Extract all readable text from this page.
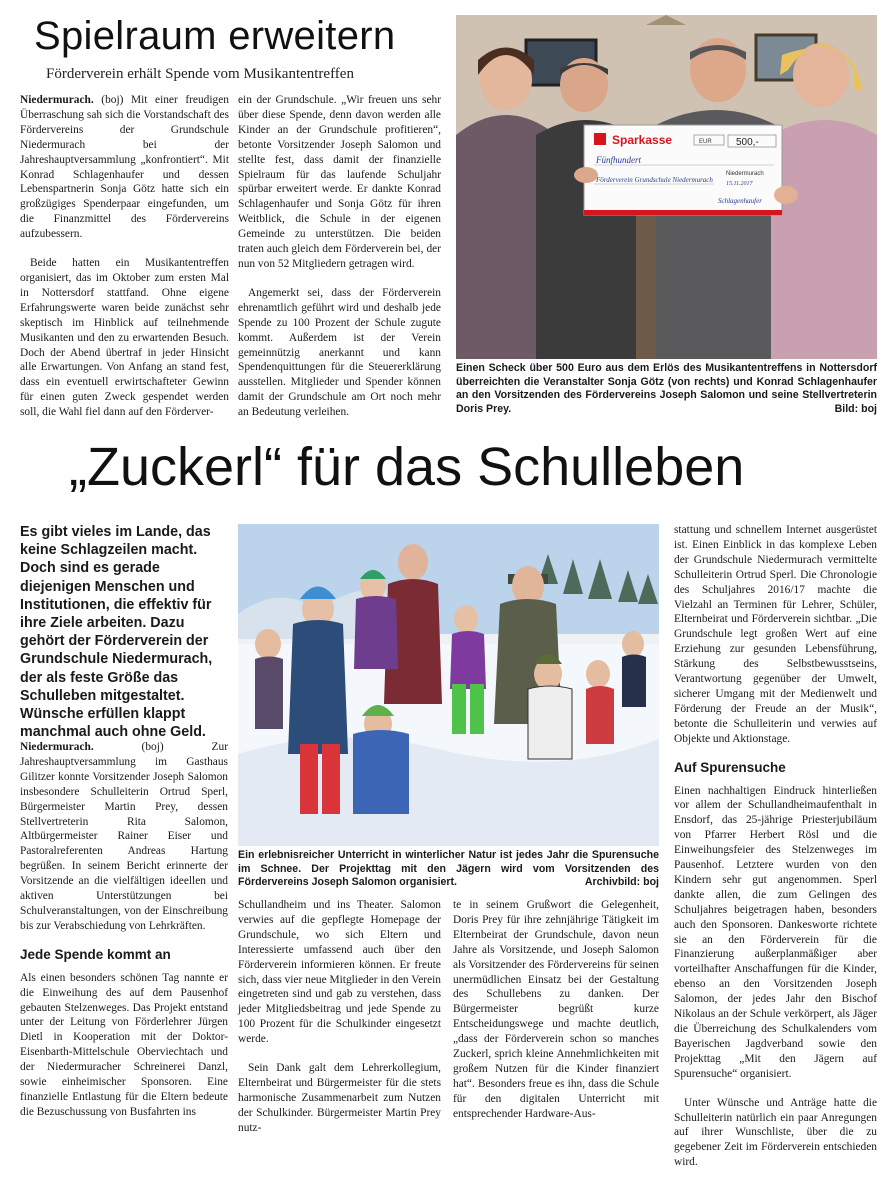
Spielraum erweitern
Förderverein erhält Spende vom Musikantentreffen

Niedermurach. (boj) Mit einer freudigen Überraschung sah sich die Vorstandschaft des Fördervereins der Grundschule Niedermurach bei der Jahreshauptversammlung „konfrontiert“. Mit Konrad Schlagenhaufer und dessen Lebenspartnerin Sonja Götz hatte sich ein großzügiges Spenderpaar eingefunden, um die Finanzmittel des Fördervereins aufzubessern.

Beide hatten ein Musikantentreffen organisiert, das im Oktober zum ersten Mal in Nottersdorf stattfand. Ohne eigene Erfahrungswerte waren beide zunächst sehr skeptisch im Hinblick auf teilnehmende Musikanten und den zu erwartenden Besuch. Doch der Abend übertraf in jeder Hinsicht alle Erwartungen. Von Anfang an stand fest, dass ein eventuell erwirtschafteter Gewinn für einen guten Zweck gespendet werden soll, die Wahl fiel dann auf den Förderver-

ein der Grundschule. „Wir freuen uns sehr über diese Spende, denn davon werden alle Kinder an der Grundschule profitieren“, betonte Vorsitzender Joseph Salomon und stellte fest, dass damit der finanzielle Spielraum für das laufende Schuljahr spürbar erweitert werde. Er dankte Konrad Schlagenhaufer und Sonja Götz für ihren Weitblick, die Schule in der eigenen Gemeinde zu unterstützen. Die beiden traten auch gleich dem Förderverein bei, der nun von 52 Mitgliedern getragen wird.

Angemerkt sei, dass der Förderverein ehrenamtlich geführt wird und deshalb jede Spende zu 100 Prozent der Schule zugute kommt. Außerdem ist der Verein gemeinnützig anerkannt und kann Spendenquittungen für die Steuererklärung ausstellen. Mitglieder und Spender können damit der Grundschule am Ort noch mehr an Bedeutung verleihen.

Sparkasse	EUR 500,-
Fünfhundert
Förderverein Grundschule Niedermurach
Niedermurach
15.11.2017
Schlagenhaufer
Einen Scheck über 500 Euro aus dem Erlös des Musikantentreffens in Nottersdorf überreichten die Veranstalter Sonja Götz (von rechts) und Konrad Schlagenhaufer an den Vorsitzenden des Fördervereins Joseph Salomon und seine Stellvertreterin Doris Prey.	Bild: boj
„Zuckerl“ für das Schulleben
Es gibt vieles im Lande, das keine Schlagzeilen macht. Doch sind es gerade diejenigen Menschen und Institutionen, die effektiv für ihre Ziele arbeiten. Dazu gehört der Förderverein der Grundschule Niedermurach, der als feste Größe das Schulleben mitgestaltet. Wünsche erfüllen klappt manchmal auch ohne Geld.

Niedermurach. (boj) Zur Jahreshauptversammlung im Gasthaus Gilitzer konnte Vorsitzender Joseph Salomon insbesondere Schulleiterin Ortrud Sperl, Bürgermeister Martin Prey, dessen Stellvertreterin Rita Salomon, Altbürgermeister Rainer Eiser und Pastoralreferenten Andreas Hartung begrüßen. In seinem Bericht erinnerte der Vorsitzende an die vielfältigen ideellen und aktiven Unterstützungen bei Schulveranstaltungen, von der Einschreibung bis zur Verabschiedung von Lehrkräften.

Jede Spende kommt an

Als einen besonders schönen Tag nannte er die Einweihung des auf dem Pausenhof gebauten Stelzenweges. Das Projekt entstand unter der Leitung von Förderlehrer Jürgen Dietl in Kooperation mit der Doktor-Eisenbarth-Mittelschule Oberviechtach und der Niedermuracher Schreinerei Danzl, sowie einheimischer Sponsoren. Eine finanzielle Entlastung für die Eltern bedeute die Bezuschussung von Busfahrten ins

Ein erlebnisreicher Unterricht in winterlicher Natur ist jedes Jahr die Spurensuche im Schnee. Der Projekttag mit den Jägern wird vom Vorsitzenden des Fördervereins Joseph Salomon organisiert.	Archivbild: boj

Schullandheim und ins Theater. Salomon verwies auf die gepflegte Homepage der Grundschule, wo sich Eltern und Interessierte umfassend auch über den Förderverein informieren können. Er freute sich, dass vier neue Mitglieder in den Verein eingetreten sind und gab zu verstehen, dass jeder Mitgliedsbeitrag und jede Spende zu 100 Prozent für die Schulkinder eingesetzt werde.

Sein Dank galt dem Lehrerkollegium, Elternbeirat und Bürgermeister für die stets harmonische Zusammenarbeit zum Nutzen der Schulkinder. Bürgermeister Martin Prey nutz-

te in seinem Grußwort die Gelegenheit, Doris Prey für ihre zehnjährige Tätigkeit im Elternbeirat der Grundschule, davon neun Jahre als Vorsitzende, und Joseph Salomon als Vorsitzender des Fördervereins für seinen unermüdlichen Einsatz bei der Gestaltung des Schullebens zu danken. Der Bürgermeister begrüßt kurze Entscheidungswege und machte deutlich, „dass der Förderverein schon so manches Zuckerl, sprich kleine Annehmlichkeiten mit großem Nutzen für die Kinder finanziert hat“. Besonders freue es ihn, dass die Schule für den digitalen Unterricht mit entsprechender Hardware-Aus-

stattung und schnellem Internet ausgerüstet ist. Einen Einblick in das komplexe Leben der Grundschule Niedermurach vermittelte Schulleiterin Ortrud Sperl. Die Chronologie des Schuljahres 2016/17 machte die Vielzahl an Terminen für Lehrer, Schüler, Elternbeirat und Förderverein sichtbar. „Die Grundschule legt großen Wert auf eine Erziehung zur gesunden Lebensführung, Stärkung des Selbstbewusstseins, Verantwortung gegenüber der Umwelt, sicherer Umgang mit der Medienwelt und Förderung der Freude an der Musik“, betonte die Schulleiterin und verwies auf Objekte und Aktionstage.

Auf Spurensuche

Einen nachhaltigen Eindruck hinterließen vor allem der Schullandheimaufenthalt in Ensdorf, das 25-jährige Priesterjubiläum von Pfarrer Herbert Rösl und die Einweihungsfeier des Stelzenweges im Pausenhof. Letztere wurden von den Kindern sehr gut angenommen. Sperl dankte allen, die zum Gelingen des Schuljahres beigetragen haben, besonders auch den Sponsoren. Dankesworte richtete sie an den Förderverein für die Finanzierung außerplanmäßiger aber vorteilhafter Anschaffungen für die Kinder, ebenso an den Vorsitzenden Joseph Salomon, der jedes Jahr den Bischof Nikolaus an der Schule verkörpert, als Jäger die Überreichung des Schulkalenders vom Bayerischen Jagdverband sowie den Projekttag „Mit den Jägern auf Spurensuche“ organisiert.

Unter Wünsche und Anträge hatte die Schulleiterin natürlich ein paar Anregungen auf ihrer Wunschliste, über die zu gegebener Zeit im Förderverein entschieden wird.
